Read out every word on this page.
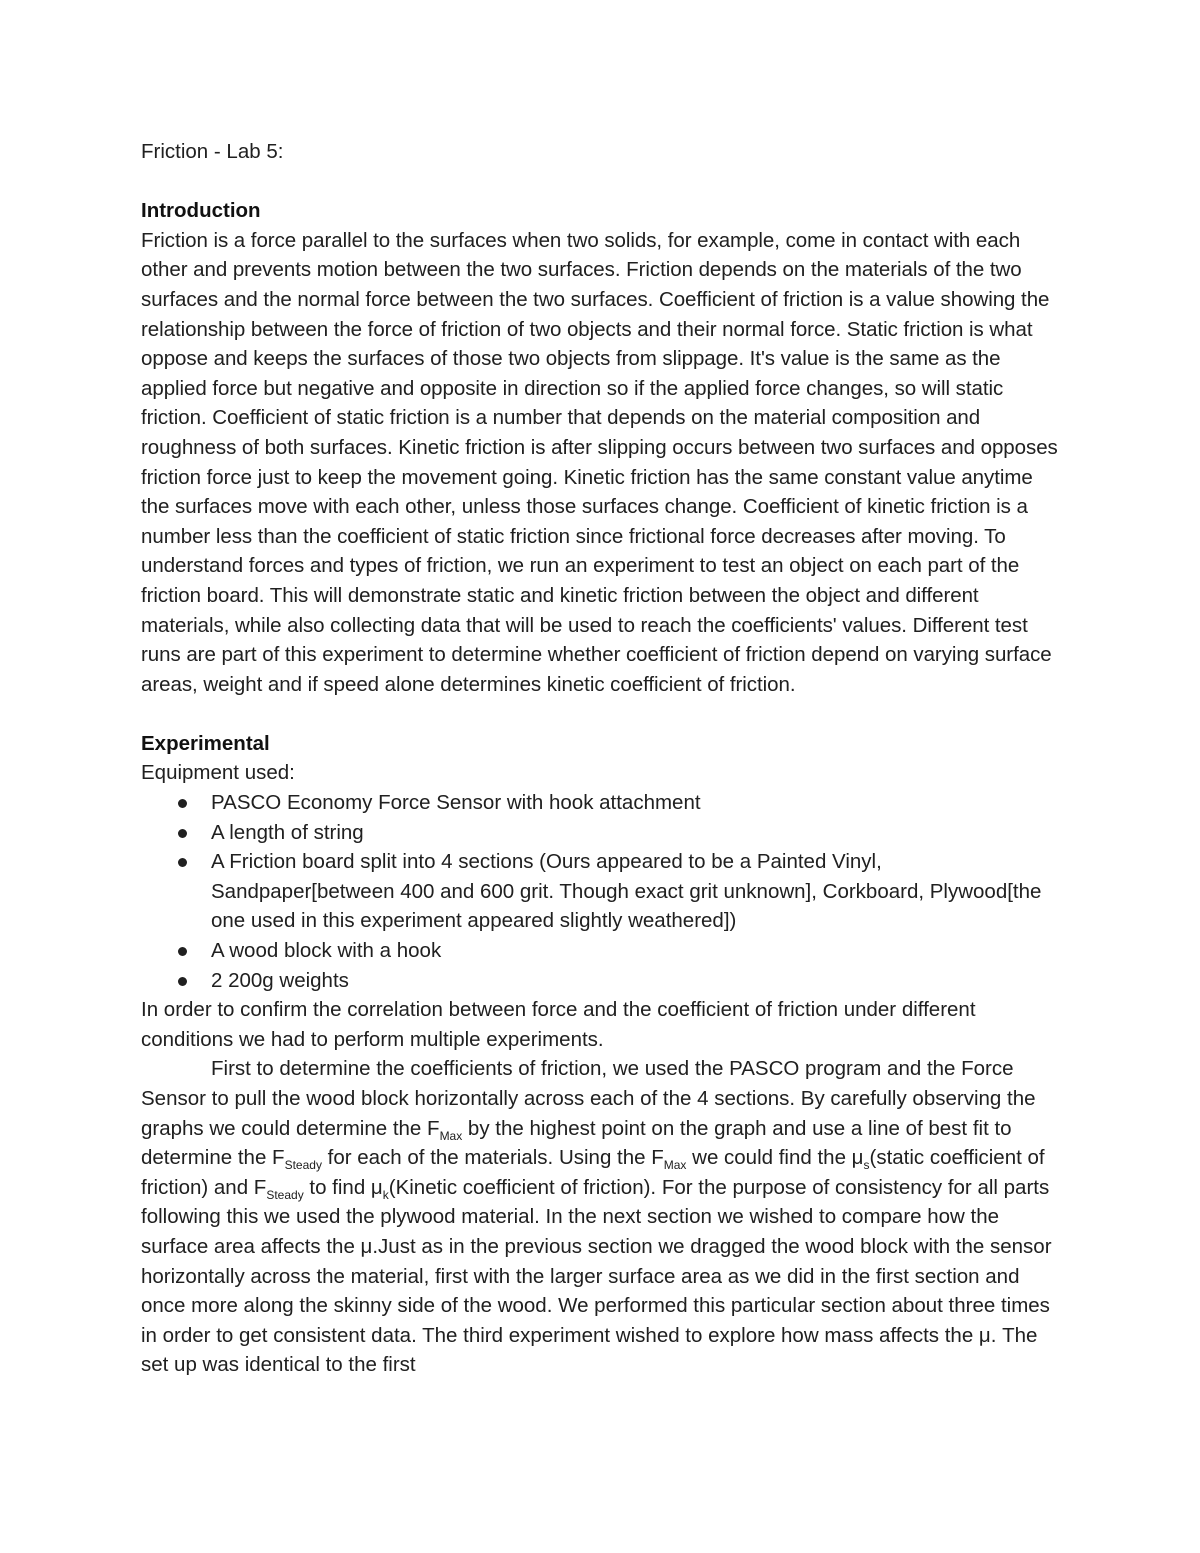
Friction - Lab 5:

Introduction

Friction is a force parallel to the surfaces when two solids, for example, come in contact with each other and prevents motion between the two surfaces. Friction depends on the materials of the two surfaces and the normal force between the two surfaces. Coefficient of friction is a value showing the relationship between the force of friction of two objects and their normal force. Static friction is what oppose and keeps the surfaces of those two objects from slippage. It's value is the same as the applied force but negative and opposite in direction so if the applied force changes, so will static friction. Coefficient of static friction is a number that depends on the material composition and roughness of both surfaces. Kinetic friction is after slipping occurs between two surfaces and opposes friction force just to keep the movement going. Kinetic friction has the same constant value anytime the surfaces move with each other, unless those surfaces change. Coefficient of kinetic friction is a number less than the coefficient of static friction since frictional force decreases after moving. To understand forces and types of friction, we run an experiment to test an object on each part of the friction board. This will demonstrate static and kinetic friction between the object and different materials, while also collecting data that will be used to reach the coefficients' values. Different test runs are part of this experiment to determine whether coefficient of friction depend on varying surface areas, weight and if speed alone determines kinetic coefficient of friction.

Experimental

Equipment used:

PASCO Economy Force Sensor with hook attachment
A length of string
A Friction board split into 4 sections (Ours appeared to be a Painted Vinyl, Sandpaper[between 400 and 600 grit. Though exact grit unknown], Corkboard, Plywood[the one used in this experiment appeared slightly weathered])
A wood block with a hook
2 200g weights

In order to confirm the correlation between force and the coefficient of friction under different conditions we had to perform multiple experiments.

First to determine the coefficients of friction, we used the PASCO program and the Force Sensor to pull the wood block horizontally across each of the 4 sections. By carefully observing the graphs we could determine the $F_{Max}$ by the highest point on the graph and use a line of best fit to determine the $F_{Steady}$ for each of the materials. Using the $F_{Max}$ we could find the $\mu_s(static$ coefficient of friction) and $F_{Steady}$ to find $\mu_k(Kinetic$ coefficient of friction). For the purpose of consistency for all parts following this we used the plywood material. In the next section we wished to compare how the surface area affects the μ.Just as in the previous section we dragged the wood block with the sensor horizontally across the material, first with the larger surface area as we did in the first section and once more along the skinny side of the wood. We performed this particular section about three times in order to get consistent data. The third experiment wished to explore how mass affects the μ. The set up was identical to the first
